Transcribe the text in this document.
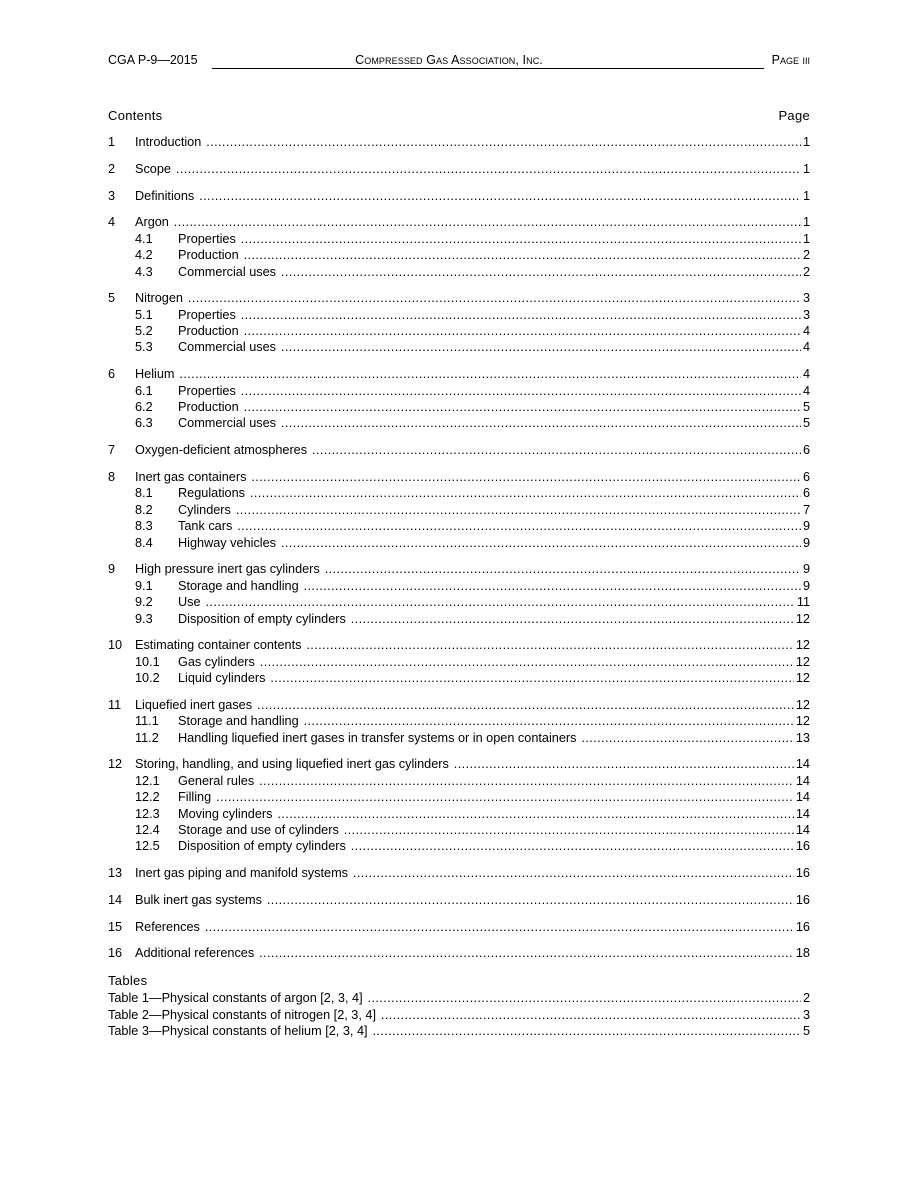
CGA P-9—2015	Compressed Gas Association, Inc.	Page iii
Contents	Page
1 Introduction .....	1
2 Scope .....	1
3 Definitions .....	1
4 Argon .....	1
4.1 Properties .....	1
4.2 Production .....	2
4.3 Commercial uses .....	2
5 Nitrogen .....	3
5.1 Properties .....	3
5.2 Production .....	4
5.3 Commercial uses .....	4
6 Helium .....	4
6.1 Properties .....	4
6.2 Production .....	5
6.3 Commercial uses .....	5
7 Oxygen-deficient atmospheres .....	6
8 Inert gas containers .....	6
8.1 Regulations .....	6
8.2 Cylinders .....	7
8.3 Tank cars .....	9
8.4 Highway vehicles .....	9
9 High pressure inert gas cylinders .....	9
9.1 Storage and handling .....	9
9.2 Use .....	11
9.3 Disposition of empty cylinders .....	12
10 Estimating container contents .....	12
10.1 Gas cylinders .....	12
10.2 Liquid cylinders .....	12
11 Liquefied inert gases .....	12
11.1 Storage and handling .....	12
11.2 Handling liquefied inert gases in transfer systems or in open containers .....	13
12 Storing, handling, and using liquefied inert gas cylinders .....	14
12.1 General rules .....	14
12.2 Filling .....	14
12.3 Moving cylinders .....	14
12.4 Storage and use of cylinders .....	14
12.5 Disposition of empty cylinders .....	16
13 Inert gas piping and manifold systems .....	16
14 Bulk inert gas systems .....	16
15 References .....	16
16 Additional references .....	18
Tables
Table 1—Physical constants of argon [2, 3, 4] .....	2
Table 2—Physical constants of nitrogen [2, 3, 4] .....	3
Table 3—Physical constants of helium [2, 3, 4] .....	5
